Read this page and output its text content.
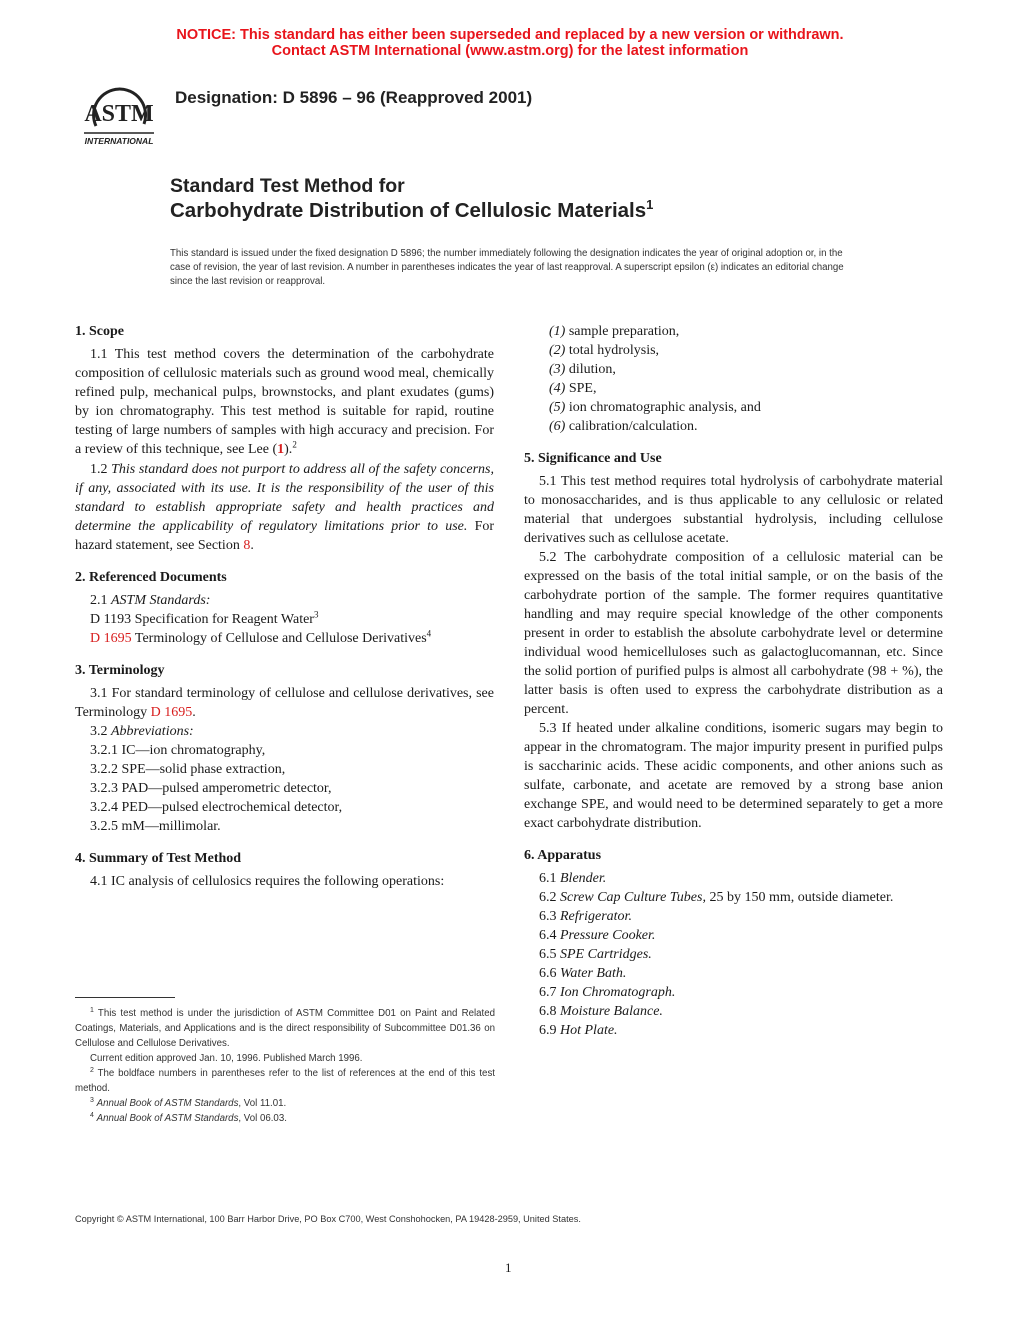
NOTICE: This standard has either been superseded and replaced by a new version or withdrawn.
Contact ASTM International (www.astm.org) for the latest information
ASTM
INTERNATIONAL
Designation: D 5896 – 96 (Reapproved 2001)
Standard Test Method for
Carbohydrate Distribution of Cellulosic Materials$^1$
This standard is issued under the fixed designation D 5896; the number immediately following the designation indicates the year of original adoption or, in the case of revision, the year of last revision. A number in parentheses indicates the year of last reapproval. A superscript epsilon (ε) indicates an editorial change since the last revision or reapproval.

1. Scope

1.1 This test method covers the determination of the carbohydrate composition of cellulosic materials such as ground wood meal, chemically refined pulp, mechanical pulps, brownstocks, and plant exudates (gums) by ion chromatography. This test method is suitable for rapid, routine testing of large numbers of samples with high accuracy and precision. For a review of this technique, see Lee (1).$^2$

1.2 This standard does not purport to address all of the safety concerns, if any, associated with its use. It is the responsibility of the user of this standard to establish appropriate safety and health practices and determine the applicability of regulatory limitations prior to use. For hazard statement, see Section 8.

2. Referenced Documents

2.1 ASTM Standards:

D 1193 Specification for Reagent Water$^3$

D 1695 Terminology of Cellulose and Cellulose Derivatives$^4$

3. Terminology

3.1 For standard terminology of cellulose and cellulose derivatives, see Terminology D 1695.

3.2 Abbreviations:

3.2.1 IC—ion chromatography,

3.2.2 SPE—solid phase extraction,

3.2.3 PAD—pulsed amperometric detector,

3.2.4 PED—pulsed electrochemical detector,

3.2.5 mM—millimolar.

4. Summary of Test Method

4.1 IC analysis of cellulosics requires the following operations:

$^1$ This test method is under the jurisdiction of ASTM Committee D01 on Paint and Related Coatings, Materials, and Applications and is the direct responsibility of Subcommittee D01.36 on Cellulose and Cellulose Derivatives.

Current edition approved Jan. 10, 1996. Published March 1996.

$^2$ The boldface numbers in parentheses refer to the list of references at the end of this test method.

$^3$ Annual Book of ASTM Standards, Vol 11.01.

$^4$ Annual Book of ASTM Standards, Vol 06.03.

(1) sample preparation,

(2) total hydrolysis,

(3) dilution,

(4) SPE,

(5) ion chromatographic analysis, and

(6) calibration/calculation.

5. Significance and Use

5.1 This test method requires total hydrolysis of carbohydrate material to monosaccharides, and is thus applicable to any cellulosic or related material that undergoes substantial hydrolysis, including cellulose derivatives such as cellulose acetate.

5.2 The carbohydrate composition of a cellulosic material can be expressed on the basis of the total initial sample, or on the basis of the carbohydrate portion of the sample. The former requires quantitative handling and may require special knowledge of the other components present in order to establish the absolute carbohydrate level or determine individual wood hemicelluloses such as galactoglucomannan, etc. Since the solid portion of purified pulps is almost all carbohydrate (98 + %), the latter basis is often used to express the carbohydrate distribution as a percent.

5.3 If heated under alkaline conditions, isomeric sugars may begin to appear in the chromatogram. The major impurity present in purified pulps is saccharinic acids. These acidic components, and other anions such as sulfate, carbonate, and acetate are removed by a strong base anion exchange SPE, and would need to be determined separately to get a more exact carbohydrate distribution.

6. Apparatus

6.1 Blender.

6.2 Screw Cap Culture Tubes, 25 by 150 mm, outside diameter.

6.3 Refrigerator.

6.4 Pressure Cooker.

6.5 SPE Cartridges.

6.6 Water Bath.

6.7 Ion Chromatograph.

6.8 Moisture Balance.

6.9 Hot Plate.

Copyright © ASTM International, 100 Barr Harbor Drive, PO Box C700, West Conshohocken, PA 19428-2959, United States.
1
